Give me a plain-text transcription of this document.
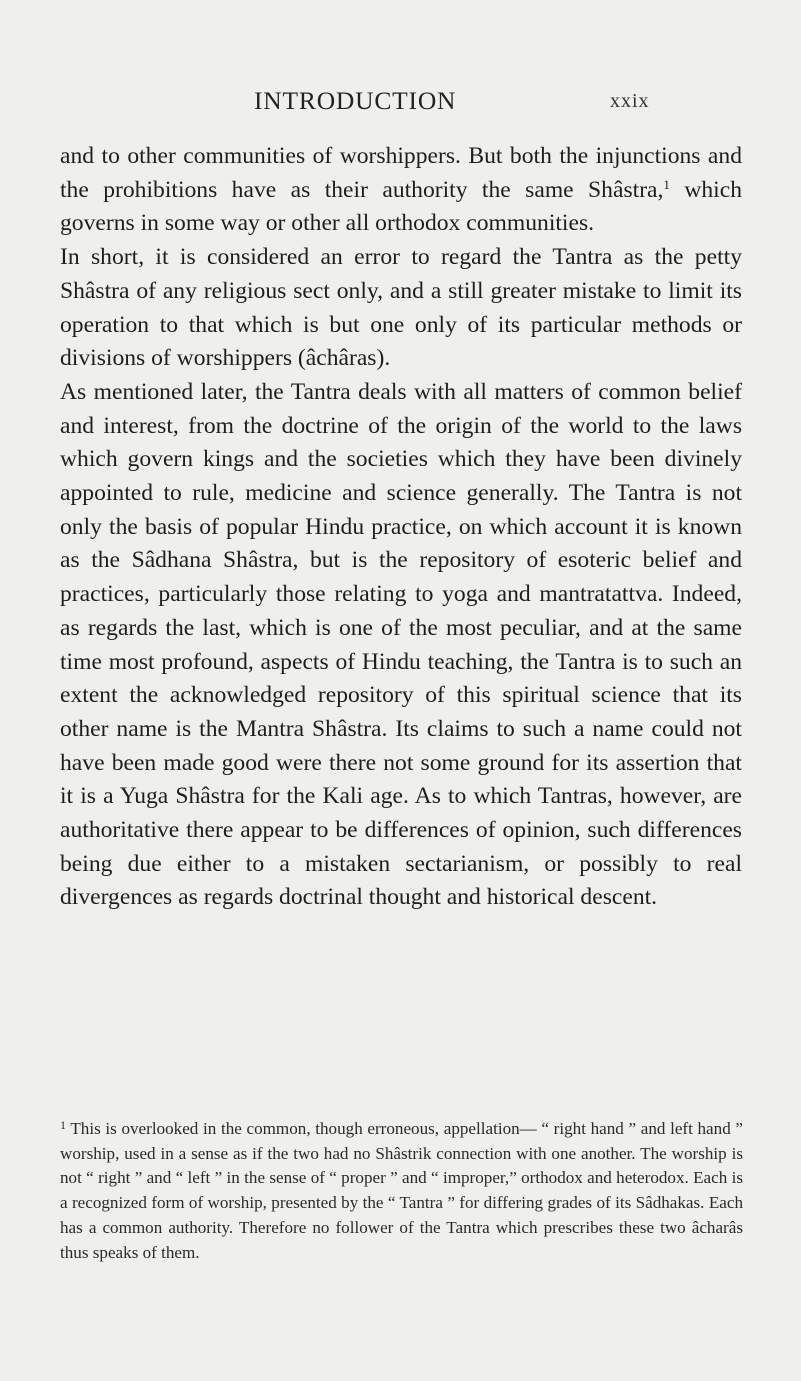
INTRODUCTION	xxix

and to other communities of worshippers. But both the injunctions and the prohibitions have as their authority the same Shâstra,$^1$ which governs in some way or other all orthodox communities.

In short, it is considered an error to regard the Tantra as the petty Shâstra of any religious sect only, and a still greater mistake to limit its operation to that which is but one only of its particular methods or divisions of worshippers (âchâras).

As mentioned later, the Tantra deals with all matters of common belief and interest, from the doctrine of the origin of the world to the laws which govern kings and the societies which they have been divinely appointed to rule, medicine and science generally. The Tantra is not only the basis of popular Hindu practice, on which account it is known as the Sâdhana Shâstra, but is the repository of esoteric belief and practices, particularly those relating to yoga and mantratattva. Indeed, as regards the last, which is one of the most peculiar, and at the same time most profound, aspects of Hindu teaching, the Tantra is to such an extent the acknowledged repository of this spiritual science that its other name is the Mantra Shâstra. Its claims to such a name could not have been made good were there not some ground for its assertion that it is a Yuga Shâstra for the Kali age. As to which Tantras, however, are authoritative there appear to be differences of opinion, such differences being due either to a mistaken sectarianism, or possibly to real divergences as regards doctrinal thought and historical descent.

$^1$ This is overlooked in the common, though erroneous, appellation— “ right hand ” and left hand ” worship, used in a sense as if the two had no Shâstrik connection with one another. The worship is not “ right ” and “ left ” in the sense of “ proper ” and “ improper,” orthodox and heterodox. Each is a recognized form of worship, presented by the “ Tantra ” for differing grades of its Sâdhakas. Each has a common authority. Therefore no follower of the Tantra which prescribes these two âcharâs thus speaks of them.
